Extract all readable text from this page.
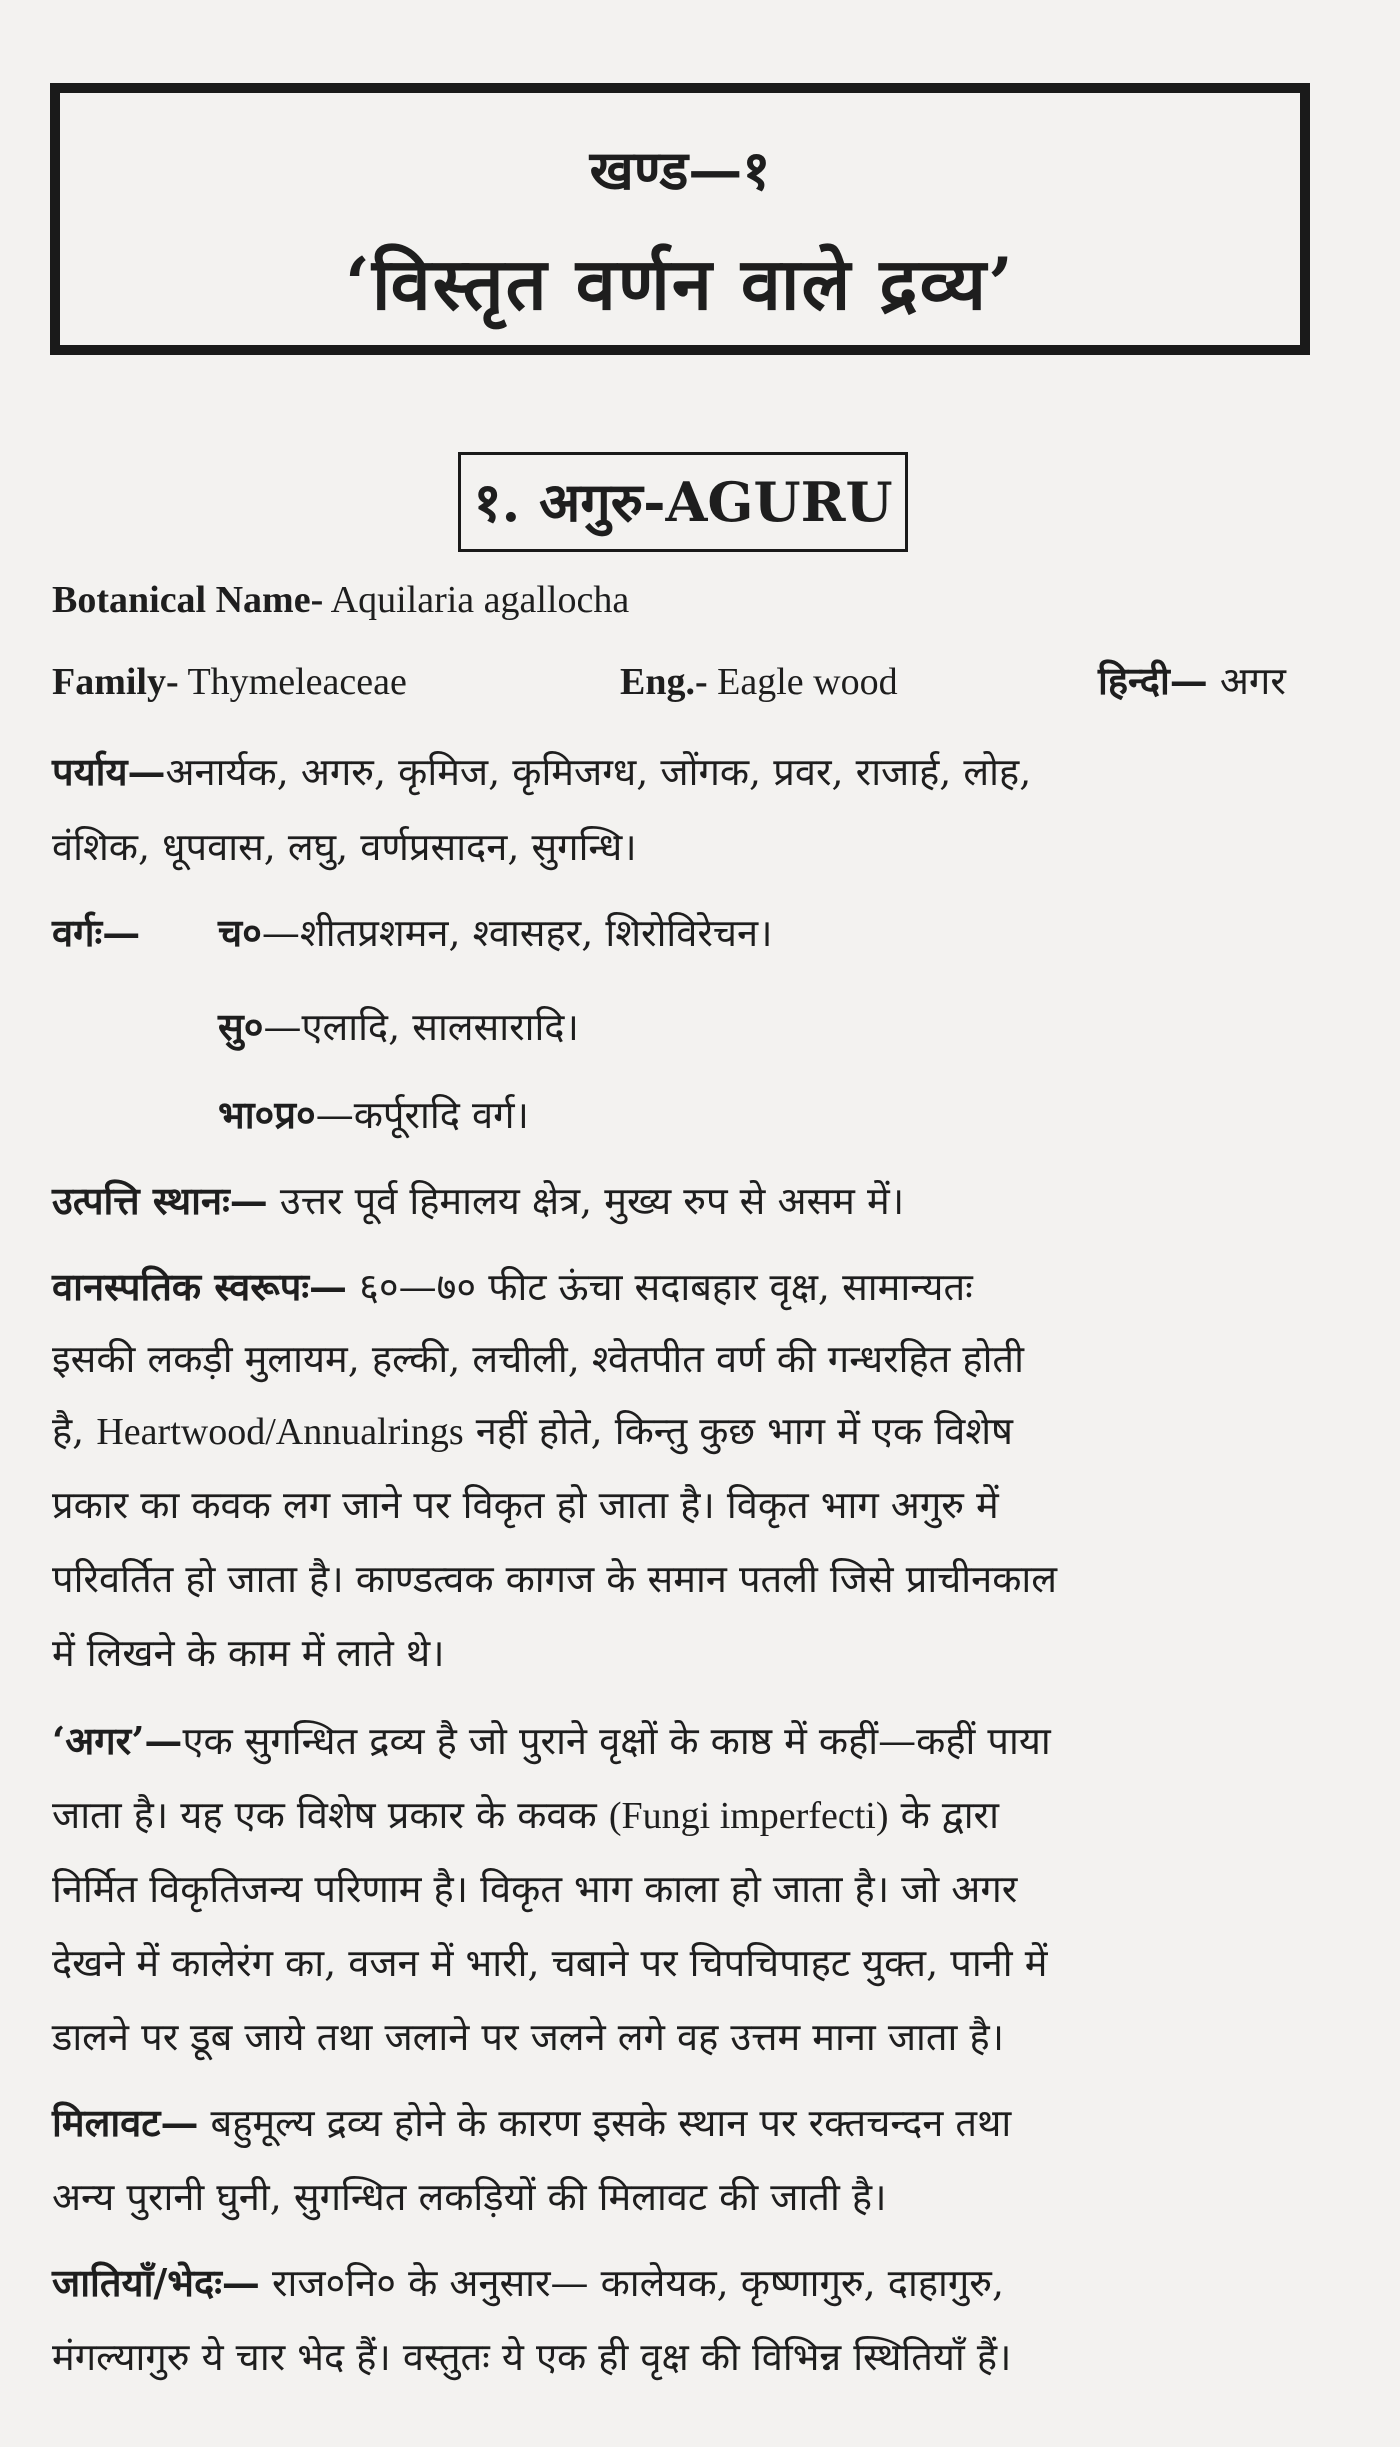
खण्ड—१
‘विस्तृत वर्णन वाले द्रव्य’
१. अगुरु-AGURU
Botanical Name- Aquilaria agallocha
Family- Thymeleaceae	Eng.- Eagle wood	हिन्दी— अगर
पर्याय—अनार्यक, अगरु, कृमिज, कृमिजग्ध, जोंगक, प्रवर, राजार्ह, लोह,
वंशिक, धूपवास, लघु, वर्णप्रसादन, सुगन्धि।
वर्गः— च०—शीतप्रशमन, श्वासहर, शिरोविरेचन।
सु०—एलादि, सालसारादि।
भा०प्र०—कर्पूरादि वर्ग।
उत्पत्ति स्थानः— उत्तर पूर्व हिमालय क्षेत्र, मुख्य रुप से असम में।
वानस्पतिक स्वरूपः— ६०—७० फीट ऊंचा सदाबहार वृक्ष, सामान्यतः
इसकी लकड़ी मुलायम, हल्की, लचीली, श्वेतपीत वर्ण की गन्धरहित होती
है, Heartwood/Annualrings नहीं होते, किन्तु कुछ भाग में एक विशेष
प्रकार का कवक लग जाने पर विकृत हो जाता है। विकृत भाग अगुरु में
परिवर्तित हो जाता है। काण्डत्वक कागज के समान पतली जिसे प्राचीनकाल
में लिखने के काम में लाते थे।
‘अगर’—एक सुगन्धित द्रव्य है जो पुराने वृक्षों के काष्ठ में कहीं—कहीं पाया
जाता है। यह एक विशेष प्रकार के कवक (Fungi imperfecti) के द्वारा
निर्मित विकृतिजन्य परिणाम है। विकृत भाग काला हो जाता है। जो अगर
देखने में कालेरंग का, वजन में भारी, चबाने पर चिपचिपाहट युक्त, पानी में
डालने पर डूब जाये तथा जलाने पर जलने लगे वह उत्तम माना जाता है।
मिलावट— बहुमूल्य द्रव्य होने के कारण इसके स्थान पर रक्तचन्दन तथा
अन्य पुरानी घुनी, सुगन्धित लकड़ियों की मिलावट की जाती है।
जातियाँ/भेदः— राज०नि० के अनुसार— कालेयक, कृष्णागुरु, दाहागुरु,
मंगल्यागुरु ये चार भेद हैं। वस्तुतः ये एक ही वृक्ष की विभिन्न स्थितियाँ हैं।
